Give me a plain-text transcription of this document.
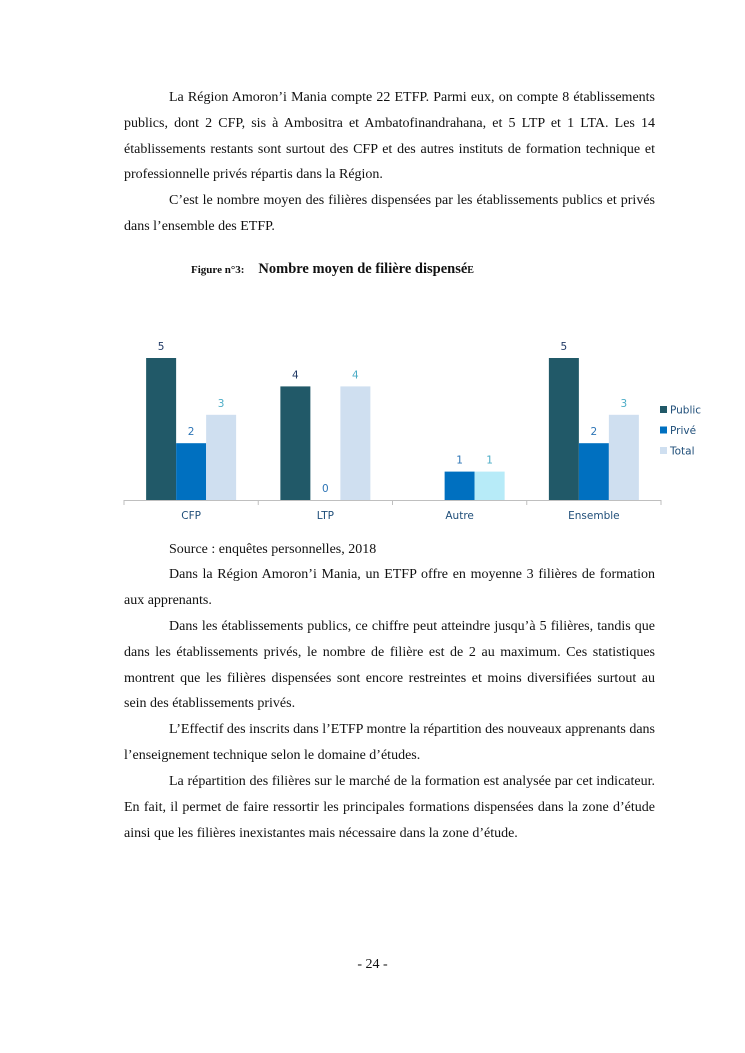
La Région Amoron’i Mania compte 22 ETFP. Parmi eux, on compte 8 établissements publics, dont 2 CFP, sis à Ambositra et Ambatofinandrahana, et 5 LTP et 1 LTA. Les 14 établissements restants sont surtout des CFP et des autres instituts de formation technique et professionnelle privés répartis dans la Région.

C’est le nombre moyen des filières dispensées par les établissements publics et privés dans l’ensemble des ETFP.

Figure n°3: Nombre moyen de filière dispenséE
5
2
3
CFP
4
0
4
LTP
1 1
Autre
5
2
3
Ensemble
Public
Privé
Total
Source : enquêtes personnelles, 2018

Dans la Région Amoron’i Mania, un ETFP offre en moyenne 3 filières de formation aux apprenants.

Dans les établissements publics, ce chiffre peut atteindre jusqu’à 5 filières, tandis que dans les établissements privés, le nombre de filière est de 2 au maximum. Ces statistiques montrent que les filières dispensées sont encore restreintes et moins diversifiées surtout au sein des établissements privés.

L’Effectif des inscrits dans l’ETFP montre la répartition des nouveaux apprenants dans l’enseignement technique selon le domaine d’études.

La répartition des filières sur le marché de la formation est analysée par cet indicateur. En fait, il permet de faire ressortir les principales formations dispensées dans la zone d’étude ainsi que les filières inexistantes mais nécessaire dans la zone d’étude.

- 24 -
